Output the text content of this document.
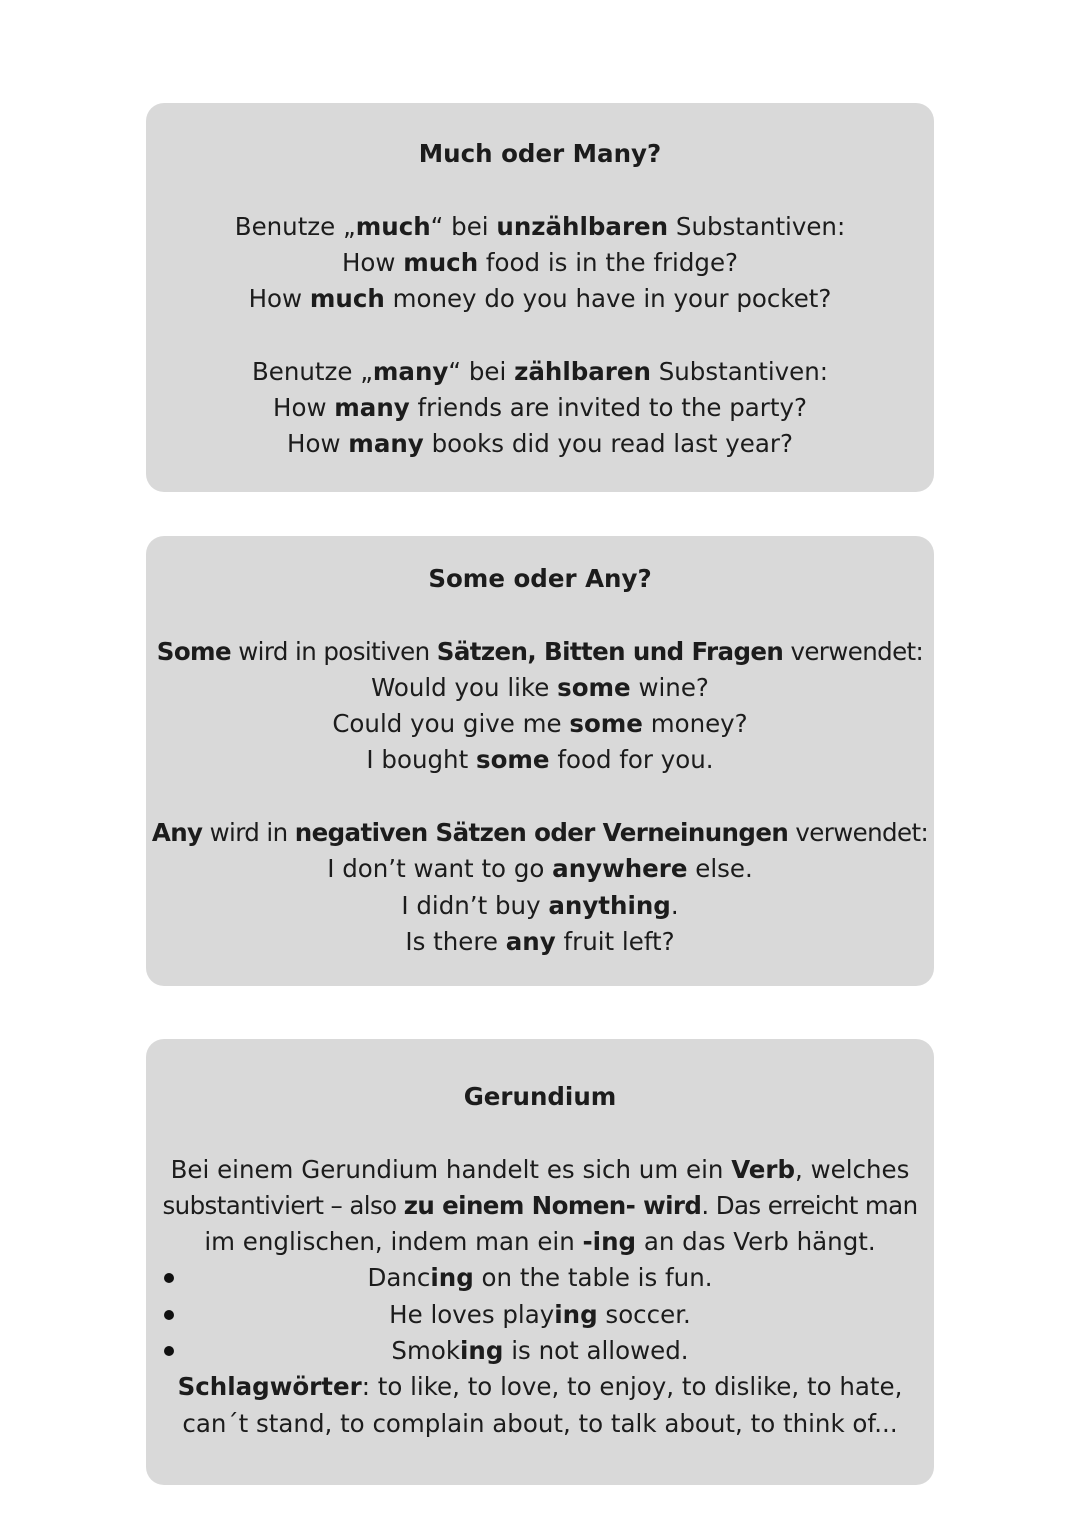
Much oder Many?

Benutze „much“ bei unzählbaren Substantiven:

How much food is in the fridge?

How much money do you have in your pocket?

Benutze „many“ bei zählbaren Substantiven:

How many friends are invited to the party?

How many books did you read last year?

Some oder Any?

Some wird in positiven Sätzen, Bitten und Fragen verwendet:

Would you like some wine?

Could you give me some money?

I bought some food for you.

Any wird in negativen Sätzen oder Verneinungen verwendet:

I don’t want to go anywhere else.

I didn’t buy anything.

Is there any fruit left?

Gerundium

Bei einem Gerundium handelt es sich um ein Verb, welches

substantiviert – also zu einem Nomen- wird. Das erreicht man

im englischen, indem man ein -ing an das Verb hängt.

Dancing on the table is fun.

He loves playing soccer.

Smoking is not allowed.

Schlagwörter: to like, to love, to enjoy, to dislike, to hate,

can´t stand, to complain about, to talk about, to think of...
